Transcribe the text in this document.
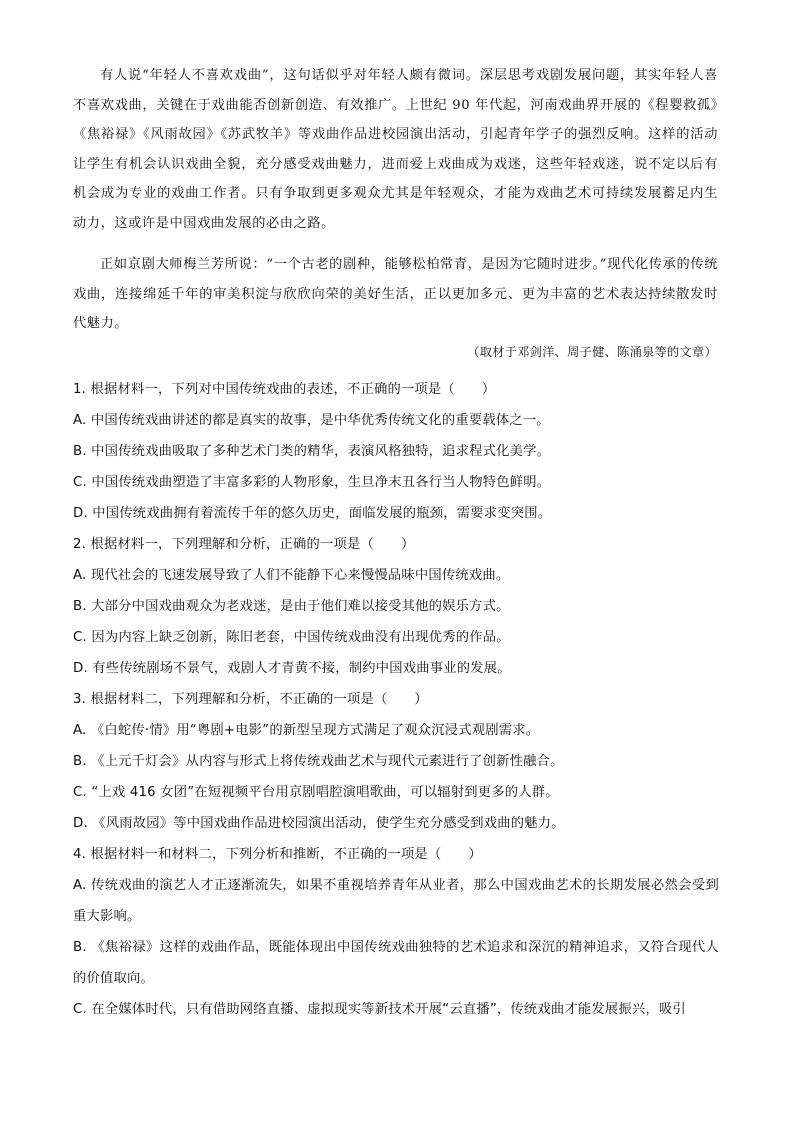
有人说“年轻人不喜欢戏曲”，这句话似乎对年轻人颇有微词。深层思考戏剧发展问题，其实年轻人喜不喜欢戏曲，关键在于戏曲能否创新创造、有效推广。上世纪 90 年代起，河南戏曲界开展的《程婴救孤》《焦裕禄》《风雨故园》《苏武牧羊》等戏曲作品进校园演出活动，引起青年学子的强烈反响。这样的活动让学生有机会认识戏曲全貌，充分感受戏曲魅力，进而爱上戏曲成为戏迷，这些年轻戏迷，说不定以后有机会成为专业的戏曲工作者。只有争取到更多观众尤其是年轻观众，才能为戏曲艺术可持续发展蓄足内生动力，这或许是中国戏曲发展的必由之路。

正如京剧大师梅兰芳所说：“一个古老的剧种，能够松柏常青，是因为它随时进步。”现代化传承的传统戏曲，连接绵延千年的审美积淀与欣欣向荣的美好生活，正以更加多元、更为丰富的艺术表达持续散发时代魅力。

（取材于邓剑洋、周子健、陈涌泉等的文章）
1. 根据材料一，下列对中国传统戏曲的表述，不正确的一项是（　　）
A. 中国传统戏曲讲述的都是真实的故事，是中华优秀传统文化的重要载体之一。
B. 中国传统戏曲吸取了多种艺术门类的精华，表演风格独特，追求程式化美学。
C. 中国传统戏曲塑造了丰富多彩的人物形象，生旦净末丑各行当人物特色鲜明。
D. 中国传统戏曲拥有着流传千年的悠久历史，面临发展的瓶颈，需要求变突围。
2. 根据材料一，下列理解和分析，正确的一项是（　　）
A. 现代社会的飞速发展导致了人们不能静下心来慢慢品味中国传统戏曲。
B. 大部分中国戏曲观众为老戏迷，是由于他们难以接受其他的娱乐方式。
C. 因为内容上缺乏创新，陈旧老套，中国传统戏曲没有出现优秀的作品。
D. 有些传统剧场不景气，戏剧人才青黄不接，制约中国戏曲事业的发展。
3. 根据材料二，下列理解和分析，不正确的一项是（　　）
A. 《白蛇传·情》用“粤剧+电影”的新型呈现方式满足了观众沉浸式观剧需求。
B. 《上元千灯会》从内容与形式上将传统戏曲艺术与现代元素进行了创新性融合。
C. “上戏 416 女团”在短视频平台用京剧唱腔演唱歌曲，可以辐射到更多的人群。
D. 《风雨故园》等中国戏曲作品进校园演出活动，使学生充分感受到戏曲的魅力。
4. 根据材料一和材料二，下列分析和推断，不正确的一项是（　　）
A. 传统戏曲的演艺人才正逐渐流失，如果不重视培养青年从业者，那么中国戏曲艺术的长期发展必然会受到重大影响。
B. 《焦裕禄》这样的戏曲作品，既能体现出中国传统戏曲独特的艺术追求和深沉的精神追求，又符合现代人的价值取向。
C. 在全媒体时代，只有借助网络直播、虚拟现实等新技术开展“云直播”，传统戏曲才能发展振兴，吸引
